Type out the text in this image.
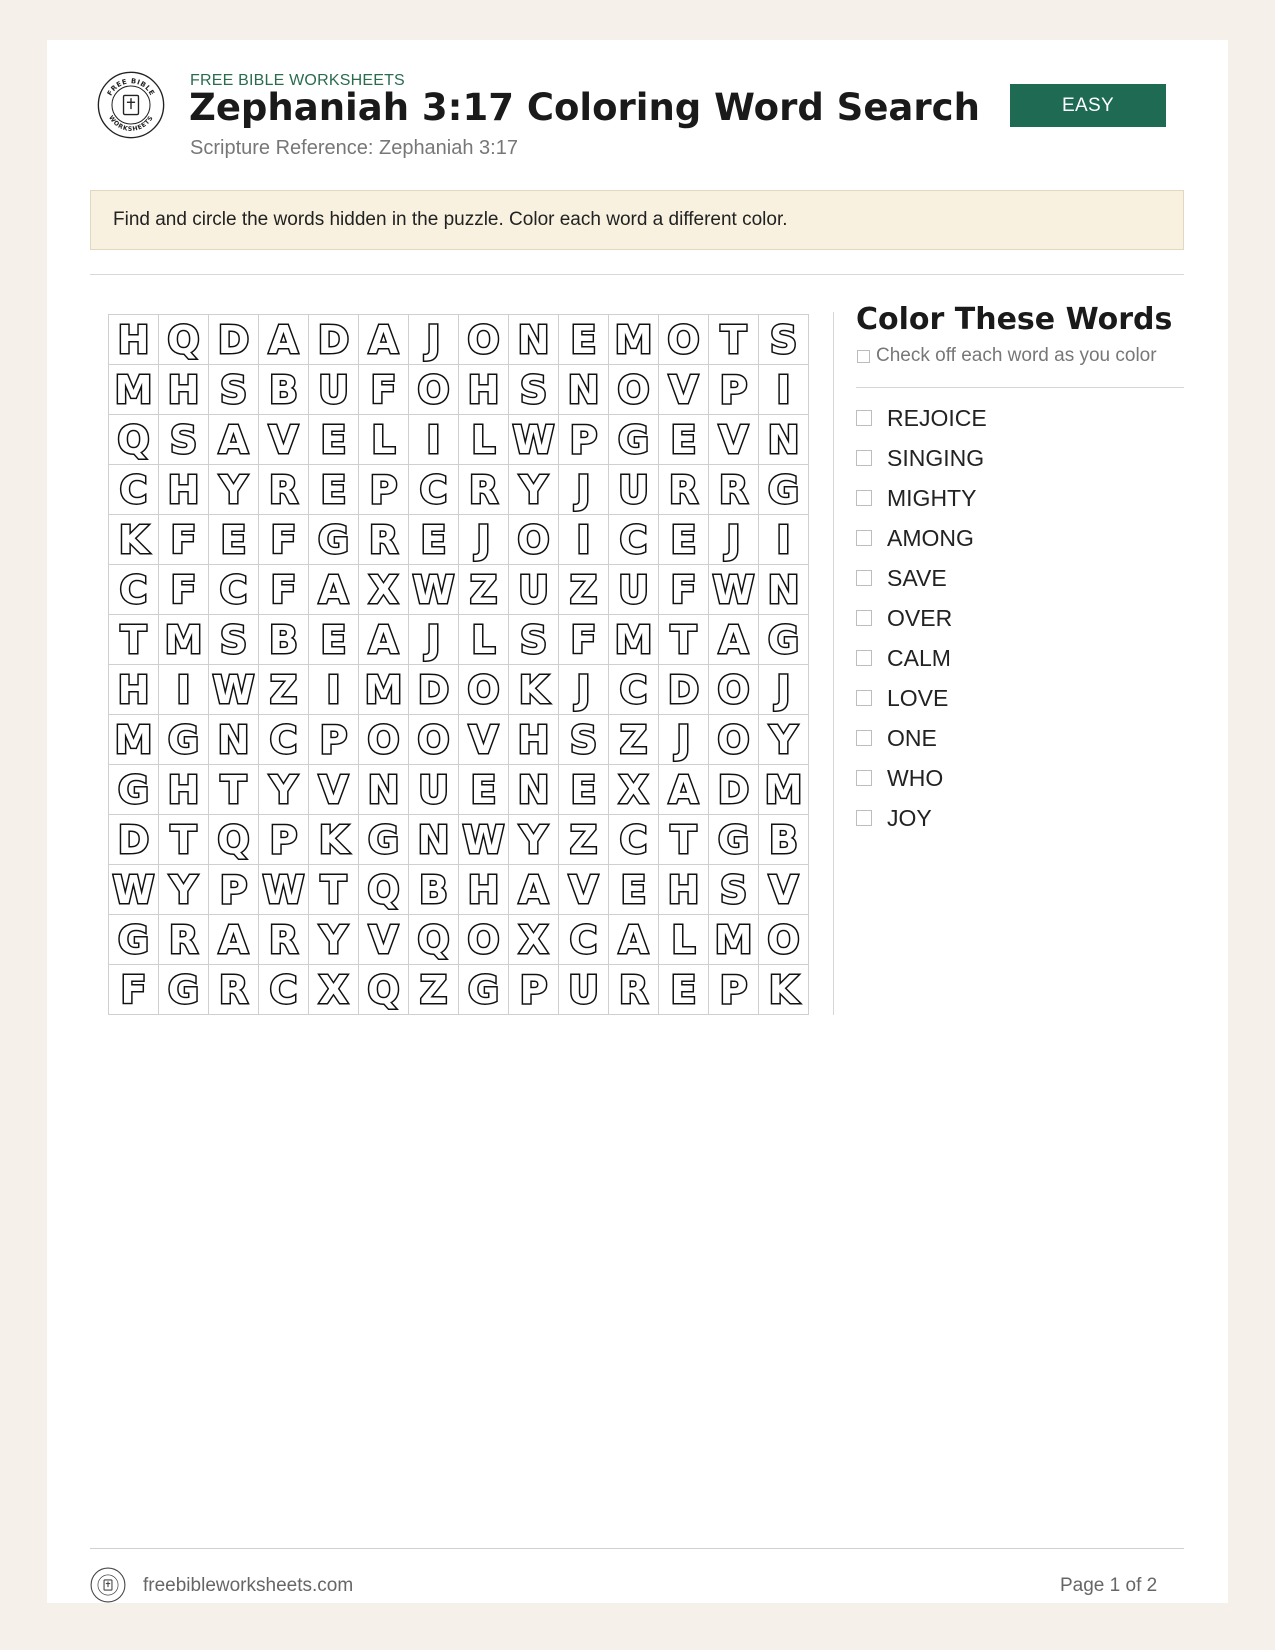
FREE BIBLE
WORKSHEETS
FREE BIBLE WORKSHEETS
Zephaniah 3:17 Coloring Word Search
Scripture Reference: Zephaniah 3:17
EASY
Find and circle the words hidden in the puzzle. Color each word a different color.
H Q D A D A J O N E M O T S
M H S B U F O H S N O V P I
Q S A V E L I L W P G E V N
C H Y R E P C R Y J U R R G
K F E F G R E J O I C E J I
C F C F A X W Z U Z U F W N
T M S B E A J L S F M T A G
H I W Z I M D O K J C D O J
M G N C P O O V H S Z J O Y
G H T Y V N U E N E X A D M
D T Q P K G N W Y Z C T G B
W Y P W T Q B H A V E H S V
G R A R Y V Q O X C A L M O
F G R C X Q Z G P U R E P K
Color These Words
Check off each word as you color
REJOICE
SINGING
MIGHTY
AMONG
SAVE
OVER
CALM
LOVE
ONE
WHO
JOY
freebibleworksheets.com	Page 1 of 2
